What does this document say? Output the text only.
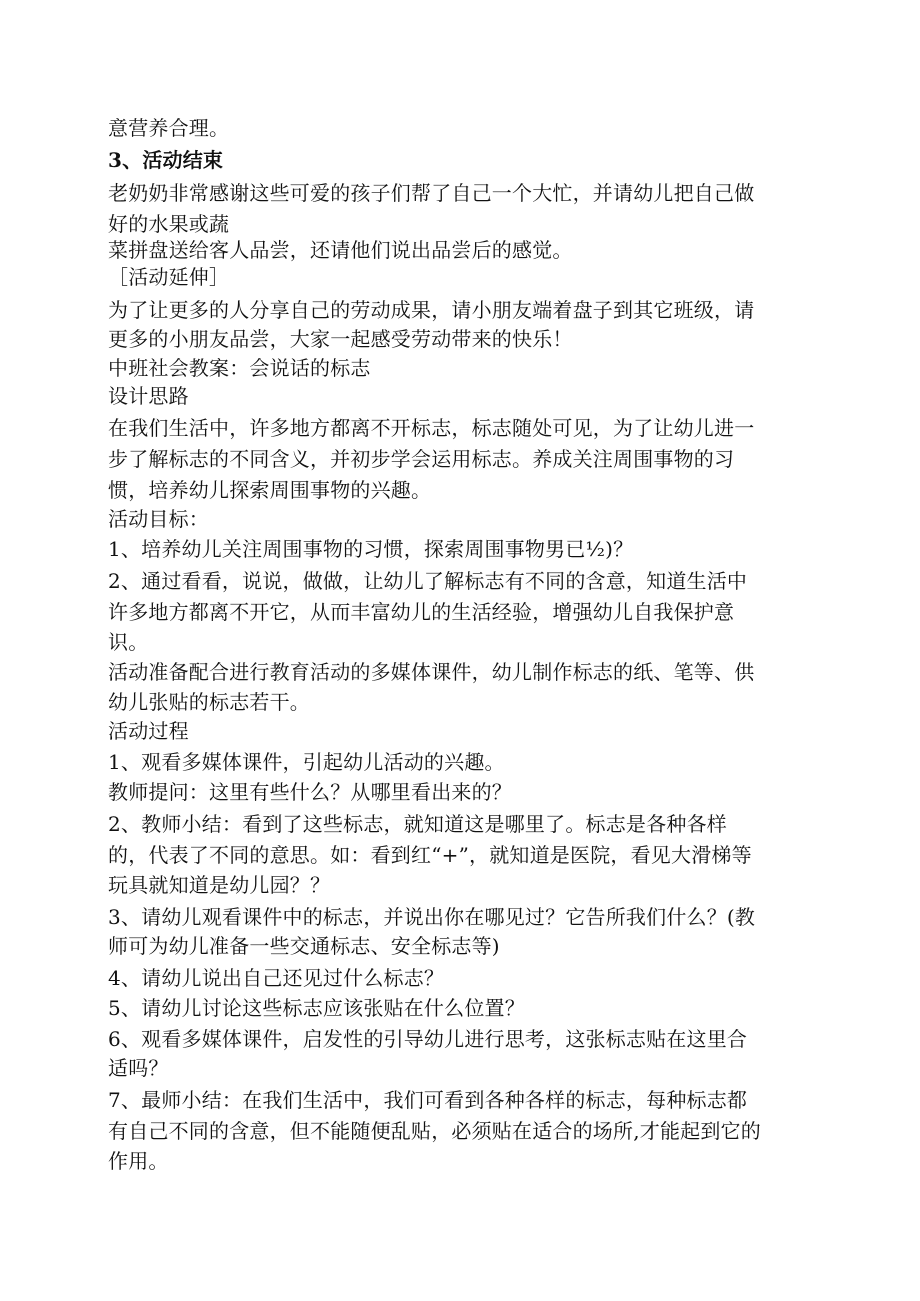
意营养合理。
3、活动结束
老奶奶非常感谢这些可爱的孩子们帮了自己一个大忙，并请幼儿把自己做
好的水果或蔬
菜拼盘送给客人品尝，还请他们说出品尝后的感觉。
［活动延伸］
为了让更多的人分享自己的劳动成果，请小朋友端着盘子到其它班级，请
更多的小朋友品尝，大家一起感受劳动带来的快乐！
中班社会教案：会说话的标志
设计思路
在我们生活中，许多地方都离不开标志，标志随处可见，为了让幼儿进一
步了解标志的不同含义，并初步学会运用标志。养成关注周围事物的习
惯，培养幼儿探索周围事物的兴趣。
活动目标：
1、培养幼儿关注周围事物的习惯，探索周围事物男已½)？
2、通过看看，说说，做做，让幼儿了解标志有不同的含意，知道生活中
许多地方都离不开它，从而丰富幼儿的生活经验，增强幼儿自我保护意
识。
活动准备配合进行教育活动的多媒体课件，幼儿制作标志的纸、笔等、供
幼儿张贴的标志若干。
活动过程
1、观看多媒体课件，引起幼儿活动的兴趣。
教师提问：这里有些什么？从哪里看出来的？
2、教师小结：看到了这些标志，就知道这是哪里了。标志是各种各样
的，代表了不同的意思。如：看到红“+”，就知道是医院，看见大滑梯等
玩具就知道是幼儿园？？
3、请幼儿观看课件中的标志，并说出你在哪见过？它告所我们什么？(教
师可为幼儿准备一些交通标志、安全标志等)
4、请幼儿说出自己还见过什么标志？
5、请幼儿讨论这些标志应该张贴在什么位置？
6、观看多媒体课件，启发性的引导幼儿进行思考，这张标志贴在这里合
适吗？
7、最师小结：在我们生活中，我们可看到各种各样的标志，每种标志都
有自己不同的含意，但不能随便乱贴，必须贴在适合的场所,才能起到它的
作用。
